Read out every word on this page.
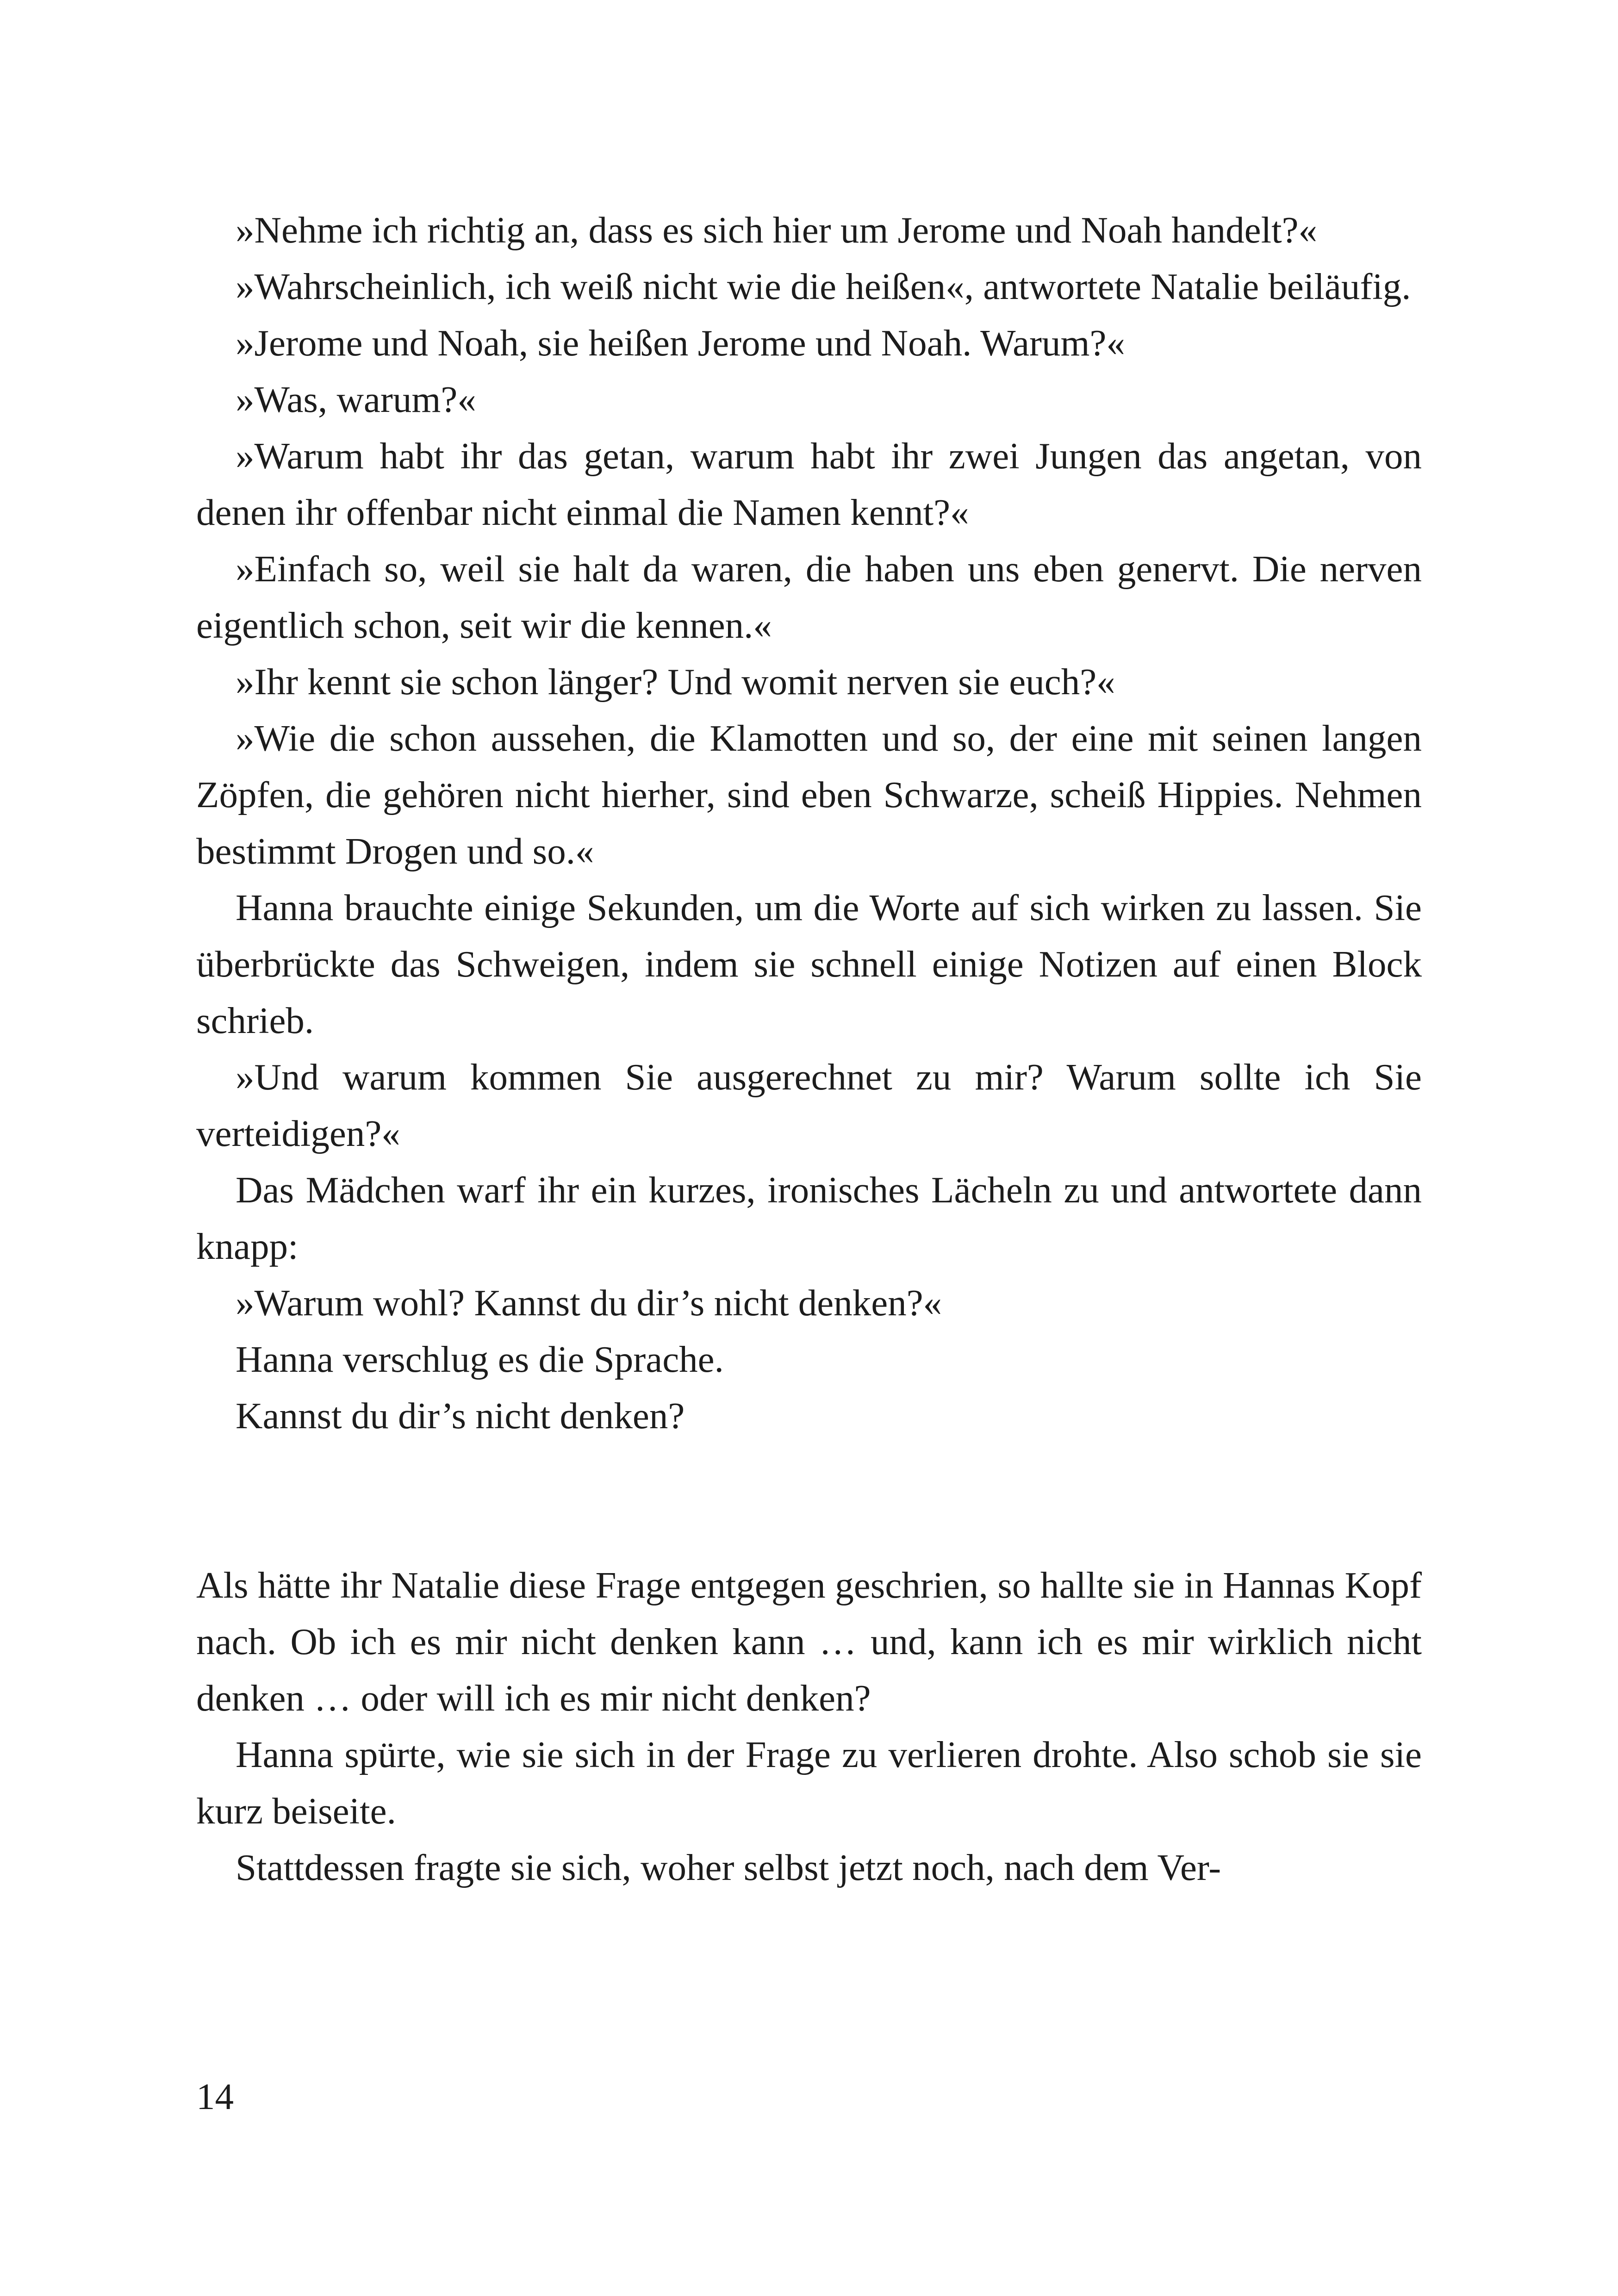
»Nehme ich richtig an, dass es sich hier um Jerome und Noah handelt?«

»Wahrscheinlich, ich weiß nicht wie die heißen«, antwortete Natalie beiläufig.

»Jerome und Noah, sie heißen Jerome und Noah. Warum?«

»Was, warum?«

»Warum habt ihr das getan, warum habt ihr zwei Jungen das angetan, von denen ihr offenbar nicht einmal die Namen kennt?«

»Einfach so, weil sie halt da waren, die haben uns eben genervt. Die nerven eigentlich schon, seit wir die kennen.«

»Ihr kennt sie schon länger? Und womit nerven sie euch?«

»Wie die schon aussehen, die Klamotten und so, der eine mit seinen langen Zöpfen, die gehören nicht hierher, sind eben Schwarze, scheiß Hippies. Nehmen bestimmt Drogen und so.«

Hanna brauchte einige Sekunden, um die Worte auf sich wirken zu lassen. Sie überbrückte das Schweigen, indem sie schnell einige Notizen auf einen Block schrieb.

»Und warum kommen Sie ausgerechnet zu mir? Warum sollte ich Sie verteidigen?«

Das Mädchen warf ihr ein kurzes, ironisches Lächeln zu und antwortete dann knapp:

»Warum wohl? Kannst du dir’s nicht denken?«

Hanna verschlug es die Sprache.

Kannst du dir’s nicht denken?

Als hätte ihr Natalie diese Frage entgegen geschrien, so hallte sie in Hannas Kopf nach. Ob ich es mir nicht denken kann … und, kann ich es mir wirklich nicht denken … oder will ich es mir nicht denken?

Hanna spürte, wie sie sich in der Frage zu verlieren drohte. Also schob sie sie kurz beiseite.

Stattdessen fragte sie sich, woher selbst jetzt noch, nach dem Ver-

14
